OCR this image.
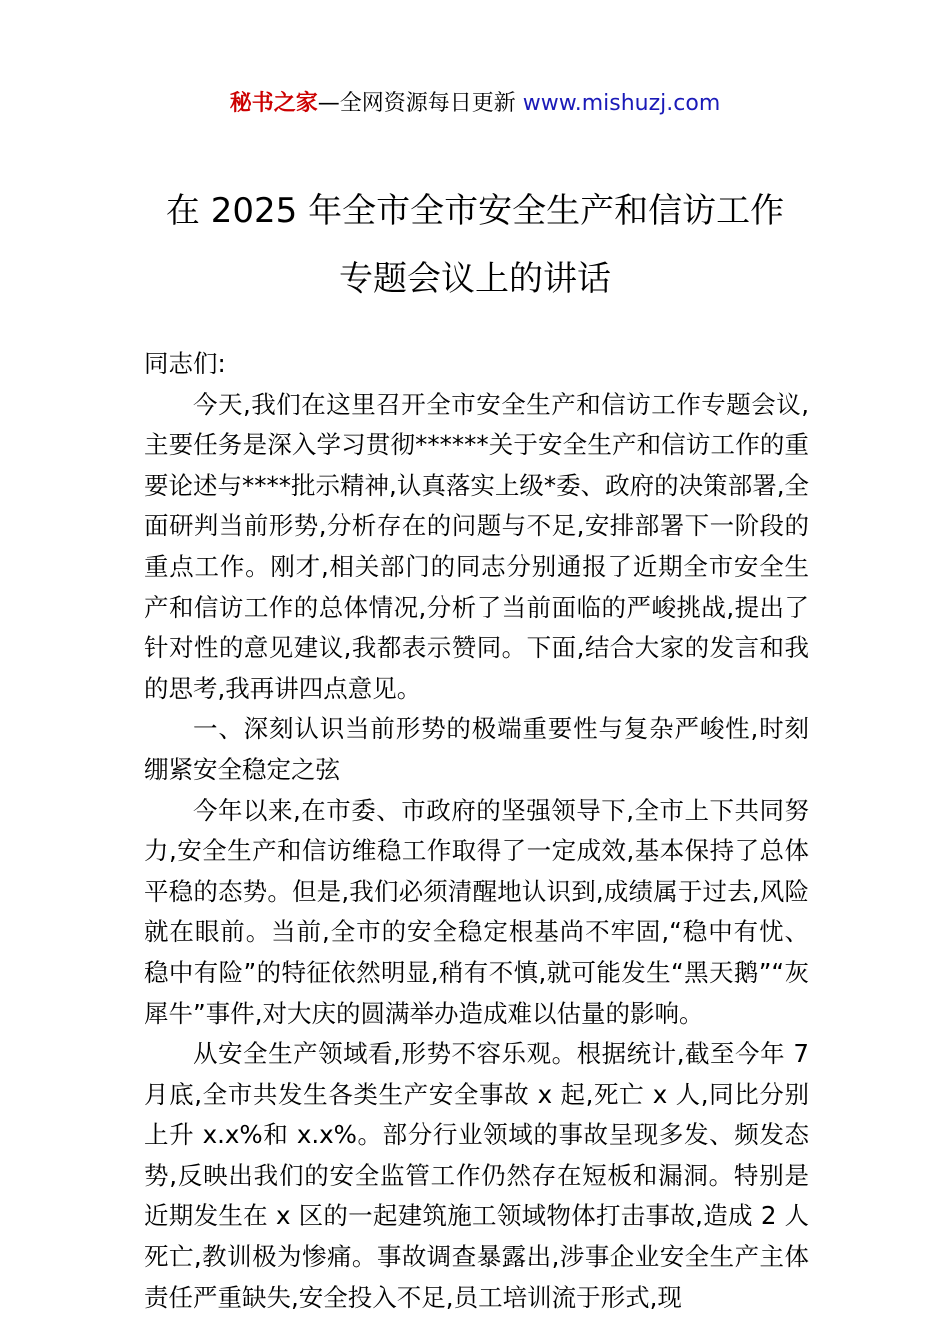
秘书之家—全网资源每日更新 www.mishuzj.com
在 2025 年全市全市安全生产和信访工作
专题会议上的讲话

同志们:

今天,我们在这里召开全市安全生产和信访工作专题会议,主要任务是深入学习贯彻******关于安全生产和信访工作的重要论述与****批示精神,认真落实上级*委、政府的决策部署,全面研判当前形势,分析存在的问题与不足,安排部署下一阶段的重点工作。刚才,相关部门的同志分别通报了近期全市安全生产和信访工作的总体情况,分析了当前面临的严峻挑战,提出了针对性的意见建议,我都表示赞同。下面,结合大家的发言和我的思考,我再讲四点意见。

一、深刻认识当前形势的极端重要性与复杂严峻性,时刻绷紧安全稳定之弦

今年以来,在市委、市政府的坚强领导下,全市上下共同努力,安全生产和信访维稳工作取得了一定成效,基本保持了总体平稳的态势。但是,我们必须清醒地认识到,成绩属于过去,风险就在眼前。当前,全市的安全稳定根基尚不牢固,“稳中有忧、稳中有险”的特征依然明显,稍有不慎,就可能发生“黑天鹅”“灰犀牛”事件,对大庆的圆满举办造成难以估量的影响。

从安全生产领域看,形势不容乐观。根据统计,截至今年 7 月底,全市共发生各类生产安全事故 x 起,死亡 x 人,同比分别上升 x.x%和 x.x%。部分行业领域的事故呈现多发、频发态势,反映出我们的安全监管工作仍然存在短板和漏洞。特别是近期发生在 x 区的一起建筑施工领域物体打击事故,造成 2 人死亡,教训极为惨痛。事故调查暴露出,涉事企业安全生产主体责任严重缺失,安全投入不足,员工培训流于形式,现
